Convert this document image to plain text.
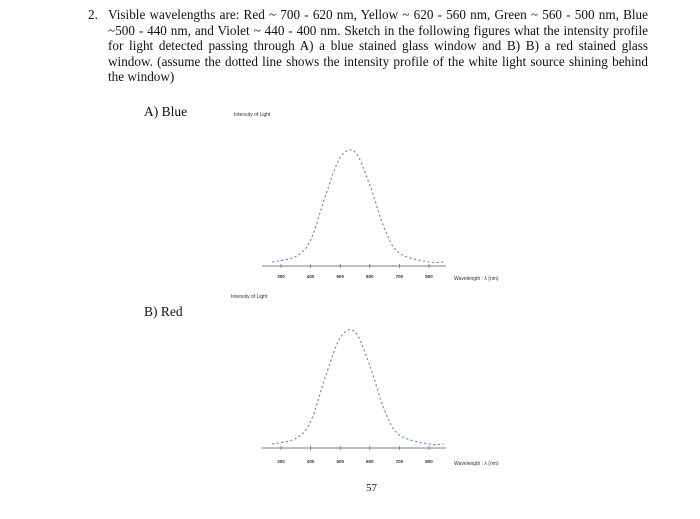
2. Visible wavelengths are: Red ~ 700 - 620 nm, Yellow ~ 620 - 560 nm, Green ~ 560 - 500 nm, Blue ~500 - 440 nm, and Violet ~ 440 - 400 nm. Sketch in the following figures what the intensity profile for light detected passing through A) a blue stained glass window and B) B) a red stained glass window. (assume the dotted line shows the intensity profile of the white light source shining behind the window)
A) Blue
B) Red
Intensity of Light
300	400	500	600	700	800	Wavelength : λ (nm)
Intensity of Light
300	400	500	600	700	800	Wavelength : λ (nm)
57
